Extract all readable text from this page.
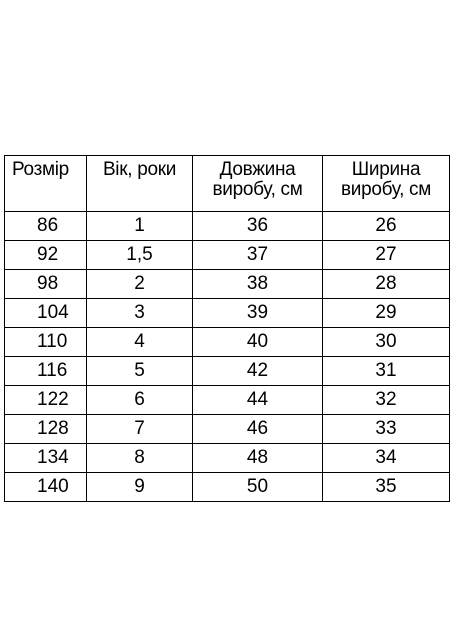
Розмір	Вік, роки	Довжина виробу, см	Ширина виробу, см
86	1	36	26
92	1,5	37	27
98	2	38	28
104	3	39	29
110	4	40	30
116	5	42	31
122	6	44	32
128	7	46	33
134	8	48	34
140	9	50	35
